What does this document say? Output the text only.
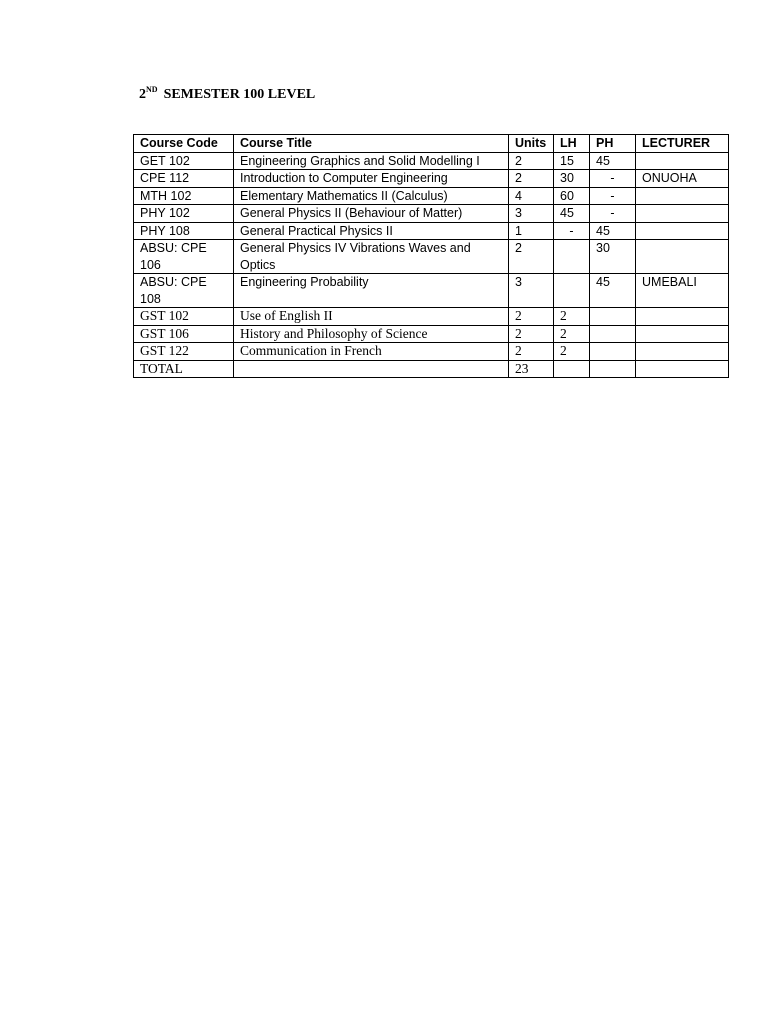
2ND SEMESTER 100 LEVEL
Course Code	Course Title	Units	LH	PH	LECTURER
GET 102	Engineering Graphics and Solid Modelling I	2	15	45	
CPE 112	Introduction to Computer Engineering	2	30	-	ONUOHA
MTH 102	Elementary Mathematics II (Calculus)	4	60	-	
PHY 102	General Physics II (Behaviour of Matter)	3	45	-	
PHY 108	General Practical Physics II	1	-	45	
ABSU: CPE 106	General Physics IV Vibrations Waves and Optics	2		30	
ABSU: CPE 108	Engineering Probability	3		45	UMEBALI
GST 102	Use of English II	2	2		
GST 106	History and Philosophy of Science	2	2		
GST 122	Communication in French	2	2		
TOTAL		23			
